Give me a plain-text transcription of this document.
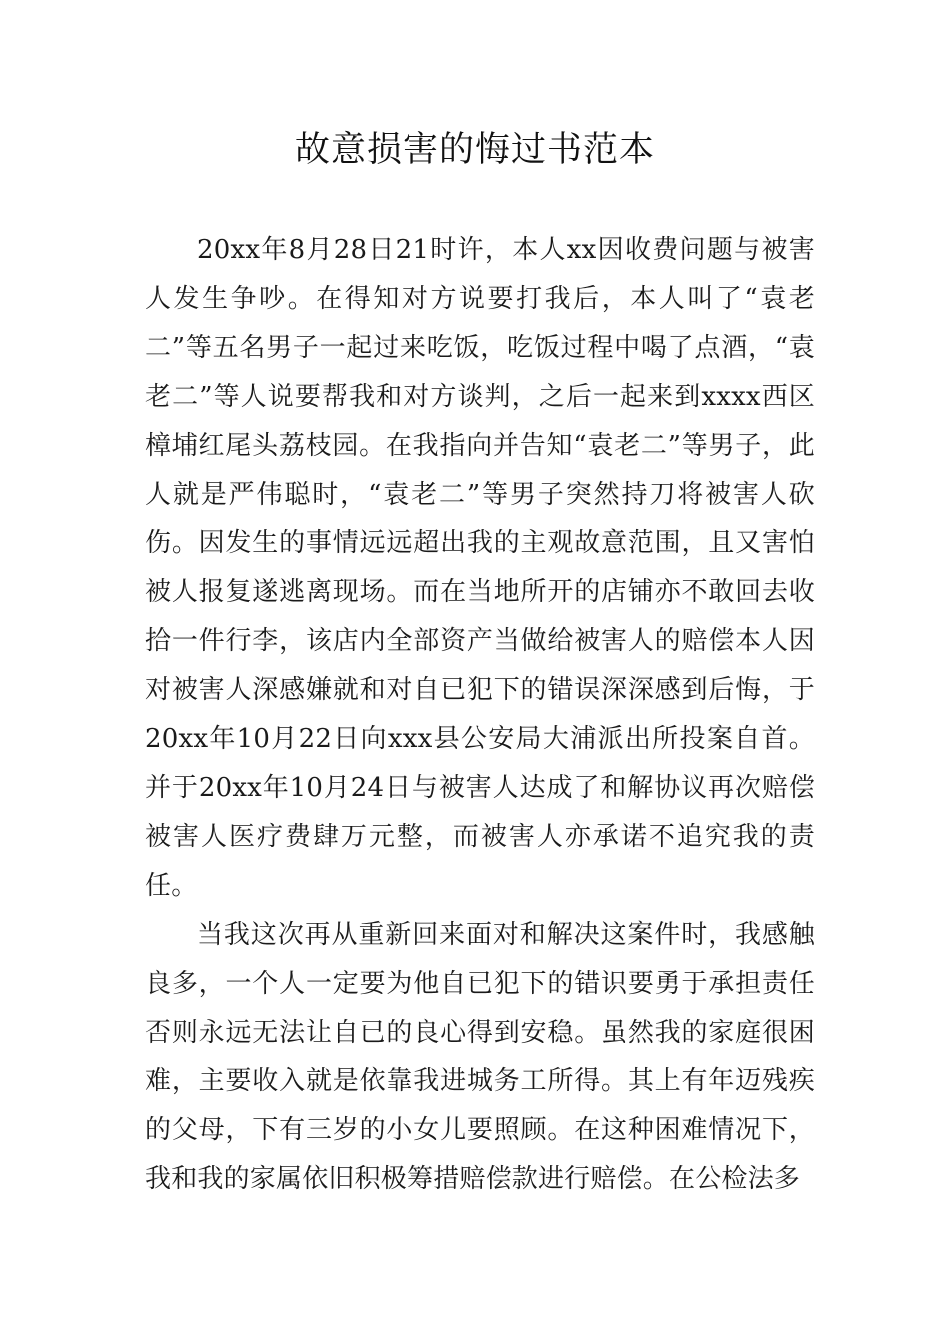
故意损害的悔过书范本

20xx年8月28日21时许，本人xx因收费问题与被害人发生争吵。在得知对方说要打我后，本人叫了“袁老二”等五名男子一起过来吃饭，吃饭过程中喝了点酒，“袁老二”等人说要帮我和对方谈判，之后一起来到xxxx西区樟埔红尾头荔枝园。在我指向并告知“袁老二”等男子，此人就是严伟聪时，“袁老二”等男子突然持刀将被害人砍伤。因发生的事情远远超出我的主观故意范围，且又害怕被人报复遂逃离现场。而在当地所开的店铺亦不敢回去收拾一件行李，该店内全部资产当做给被害人的赔偿本人因对被害人深感嫌就和对自已犯下的错误深深感到后悔，于20xx年10月22日向xxx县公安局大浦派出所投案自首。并于20xx年10月24日与被害人达成了和解协议再次赔偿被害人医疗费肆万元整，而被害人亦承诺不追究我的责任。

当我这次再从重新回来面对和解决这案件时，我感触良多，一个人一定要为他自已犯下的错识要勇于承担责任否则永远无法让自已的良心得到安稳。虽然我的家庭很困难，主要收入就是依靠我进城务工所得。其上有年迈残疾的父母，下有三岁的小女儿要照顾。在这种困难情况下，我和我的家属依旧积极筹措赔偿款进行赔偿。在公检法多
